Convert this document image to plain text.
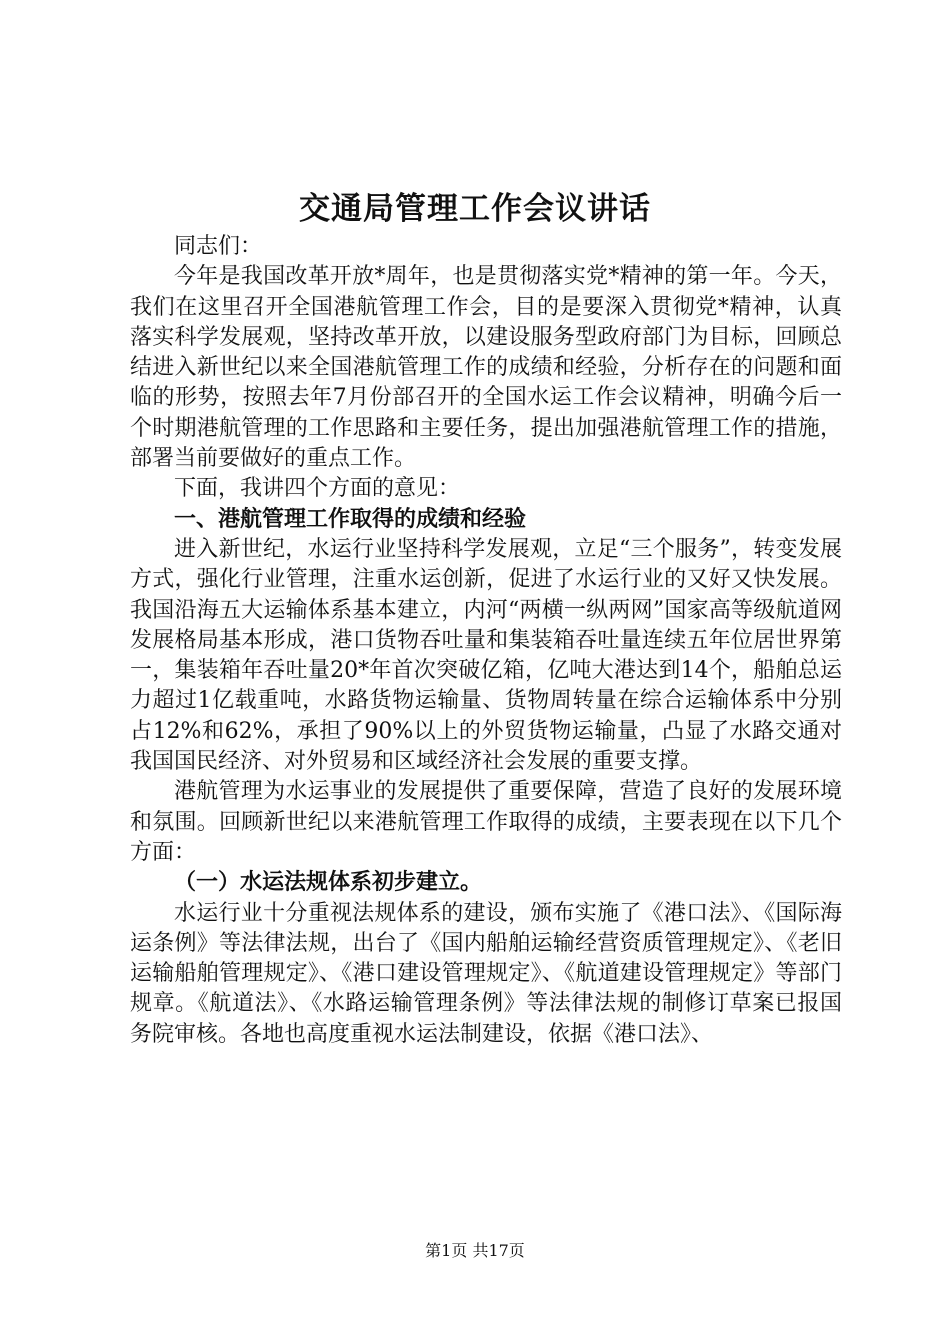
交通局管理工作会议讲话

同志们：

今年是我国改革开放*周年，也是贯彻落实党*精神的第一年。今天，我们在这里召开全国港航管理工作会，目的是要深入贯彻党*精神，认真落实科学发展观，坚持改革开放，以建设服务型政府部门为目标，回顾总结进入新世纪以来全国港航管理工作的成绩和经验，分析存在的问题和面临的形势，按照去年7月份部召开的全国水运工作会议精神，明确今后一个时期港航管理的工作思路和主要任务，提出加强港航管理工作的措施，部署当前要做好的重点工作。

下面，我讲四个方面的意见：

一、港航管理工作取得的成绩和经验

进入新世纪，水运行业坚持科学发展观，立足“三个服务”，转变发展方式，强化行业管理，注重水运创新，促进了水运行业的又好又快发展。我国沿海五大运输体系基本建立，内河“两横一纵两网”国家高等级航道网发展格局基本形成，港口货物吞吐量和集装箱吞吐量连续五年位居世界第一，集装箱年吞吐量20*年首次突破亿箱，亿吨大港达到14个，船舶总运力超过1亿载重吨，水路货物运输量、货物周转量在综合运输体系中分别占12%和62%，承担了90%以上的外贸货物运输量，凸显了水路交通对我国国民经济、对外贸易和区域经济社会发展的重要支撑。

港航管理为水运事业的发展提供了重要保障，营造了良好的发展环境和氛围。回顾新世纪以来港航管理工作取得的成绩，主要表现在以下几个方面：

（一）水运法规体系初步建立。

水运行业十分重视法规体系的建设，颁布实施了《港口法》、《国际海运条例》等法律法规，出台了《国内船舶运输经营资质管理规定》、《老旧运输船舶管理规定》、《港口建设管理规定》、《航道建设管理规定》等部门规章。《航道法》、《水路运输管理条例》等法律法规的制修订草案已报国务院审核。各地也高度重视水运法制建设，依据《港口法》、

第1页 共17页
